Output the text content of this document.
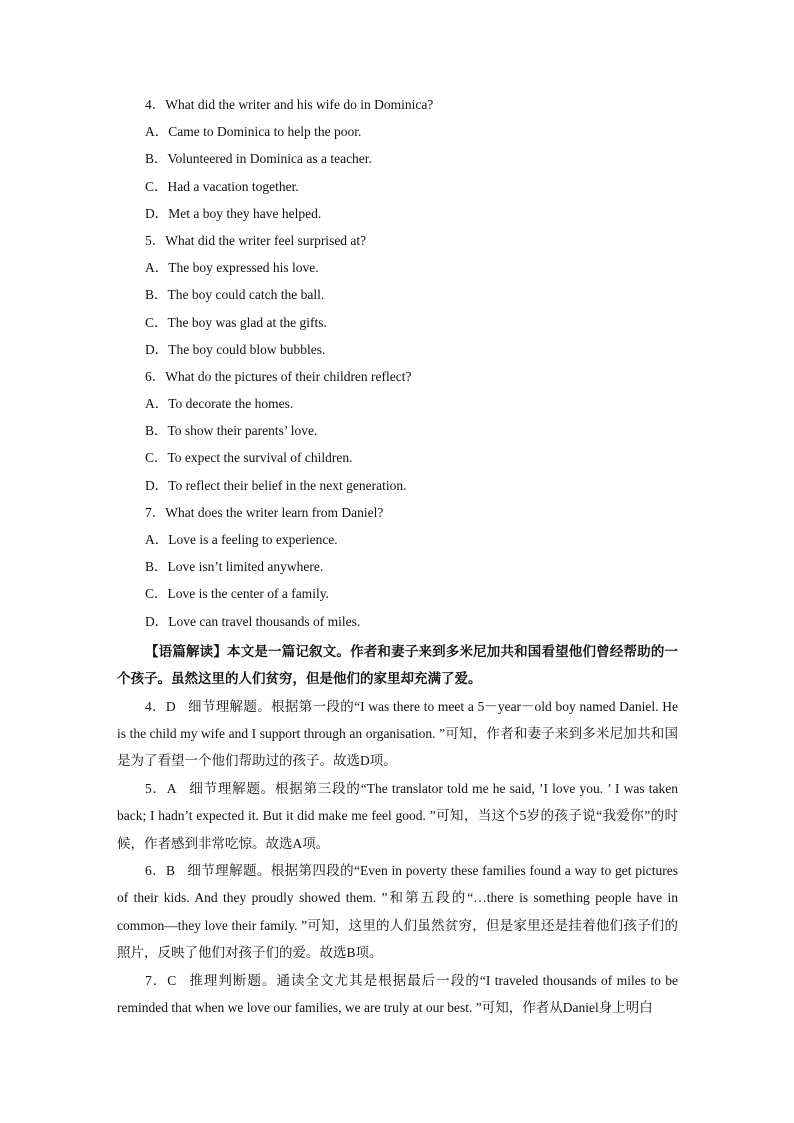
4．What did the writer and his wife do in Dominica?
A．Came to Dominica to help the poor.
B．Volunteered in Dominica as a teacher.
C．Had a vacation together.
D．Met a boy they have helped.
5．What did the writer feel surprised at?
A．The boy expressed his love.
B．The boy could catch the ball.
C．The boy was glad at the gifts.
D．The boy could blow bubbles.
6．What do the pictures of their children reflect?
A．To decorate the homes.
B．To show their parents’ love.
C．To expect the survival of children.
D．To reflect their belief in the next generation.
7．What does the writer learn from Daniel?
A．Love is a feeling to experience.
B．Love isn’t limited anywhere.
C．Love is the center of a family.
D．Love can travel thousands of miles.

【语篇解读】本文是一篇记叙文。作者和妻子来到多米尼加共和国看望他们曾经帮助的一个孩子。虽然这里的人们贫穷，但是他们的家里却充满了爱。

4．D 细节理解题。根据第一段的“I was there to meet a 5－year－old boy named Daniel. He is the child my wife and I support through an organisation. ”可知，作者和妻子来到多米尼加共和国是为了看望一个他们帮助过的孩子。故选D项。

5．A 细节理解题。根据第三段的“The translator told me he said, ’I love you. ’ I was taken back; I hadn’t expected it. But it did make me feel good. ”可知，当这个5岁的孩子说“我爱你”的时候，作者感到非常吃惊。故选A项。

6．B 细节理解题。根据第四段的“Even in poverty these families found a way to get pictures of their kids. And they proudly showed them. ”和第五段的“…there is something people have in common—they love their family. ”可知，这里的人们虽然贫穷，但是家里还是挂着他们孩子们的照片，反映了他们对孩子们的爱。故选B项。

7．C 推理判断题。通读全文尤其是根据最后一段的“I traveled thousands of miles to be reminded that when we love our families, we are truly at our best. ”可知，作者从Daniel身上明白
